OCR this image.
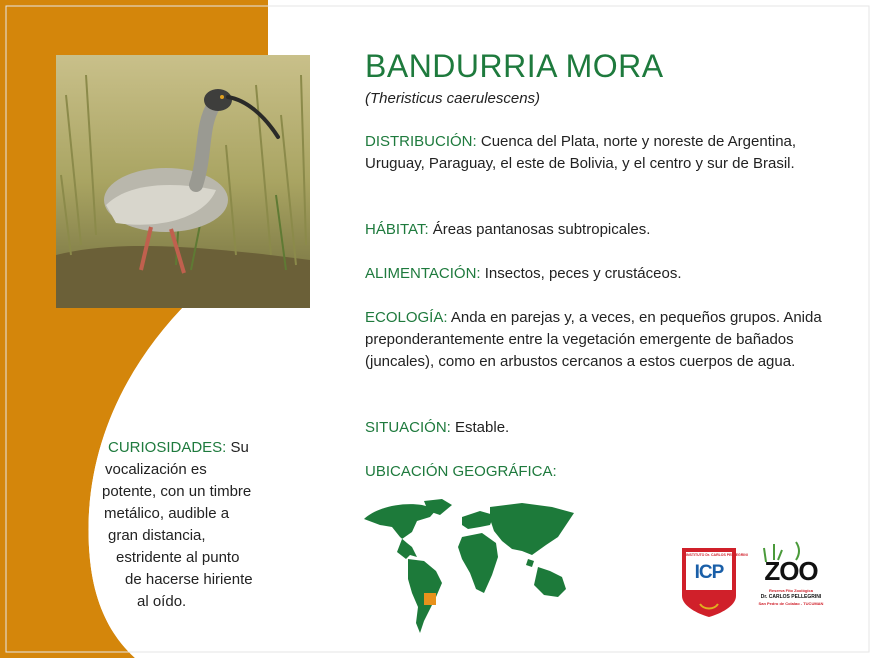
BANDURRIA MORA
(Theristicus caerulescens)
DISTRIBUCIÓN: Cuenca del Plata, norte y noreste de Argentina, Uruguay, Paraguay, el este de Bolivia, y el centro y sur de Brasil.
HÁBITAT: Áreas pantanosas subtropicales.
ALIMENTACIÓN: Insectos, peces y crustáceos.
ECOLOGÍA: Anda en parejas y, a veces, en pequeños grupos. Anida preponderantemente entre la vegetación emergente de bañados (juncales), como en arbustos cercanos a estos cuerpos de agua.
SITUACIÓN: Estable.
UBICACIÓN GEOGRÁFICA:
CURIOSIDADES: Su
vocalización es
potente, con un timbre
metálico, audible a
gran distancia,
estridente al punto
de hacerse hiriente
al oído.
INSTITUTO Dr. CARLOS PELLEGRINI
ICP	ZOO
Reserva Fito Zoológica
Dr. CARLOS PELLEGRINI
San Pedro de Colalao - TUCUMAN
